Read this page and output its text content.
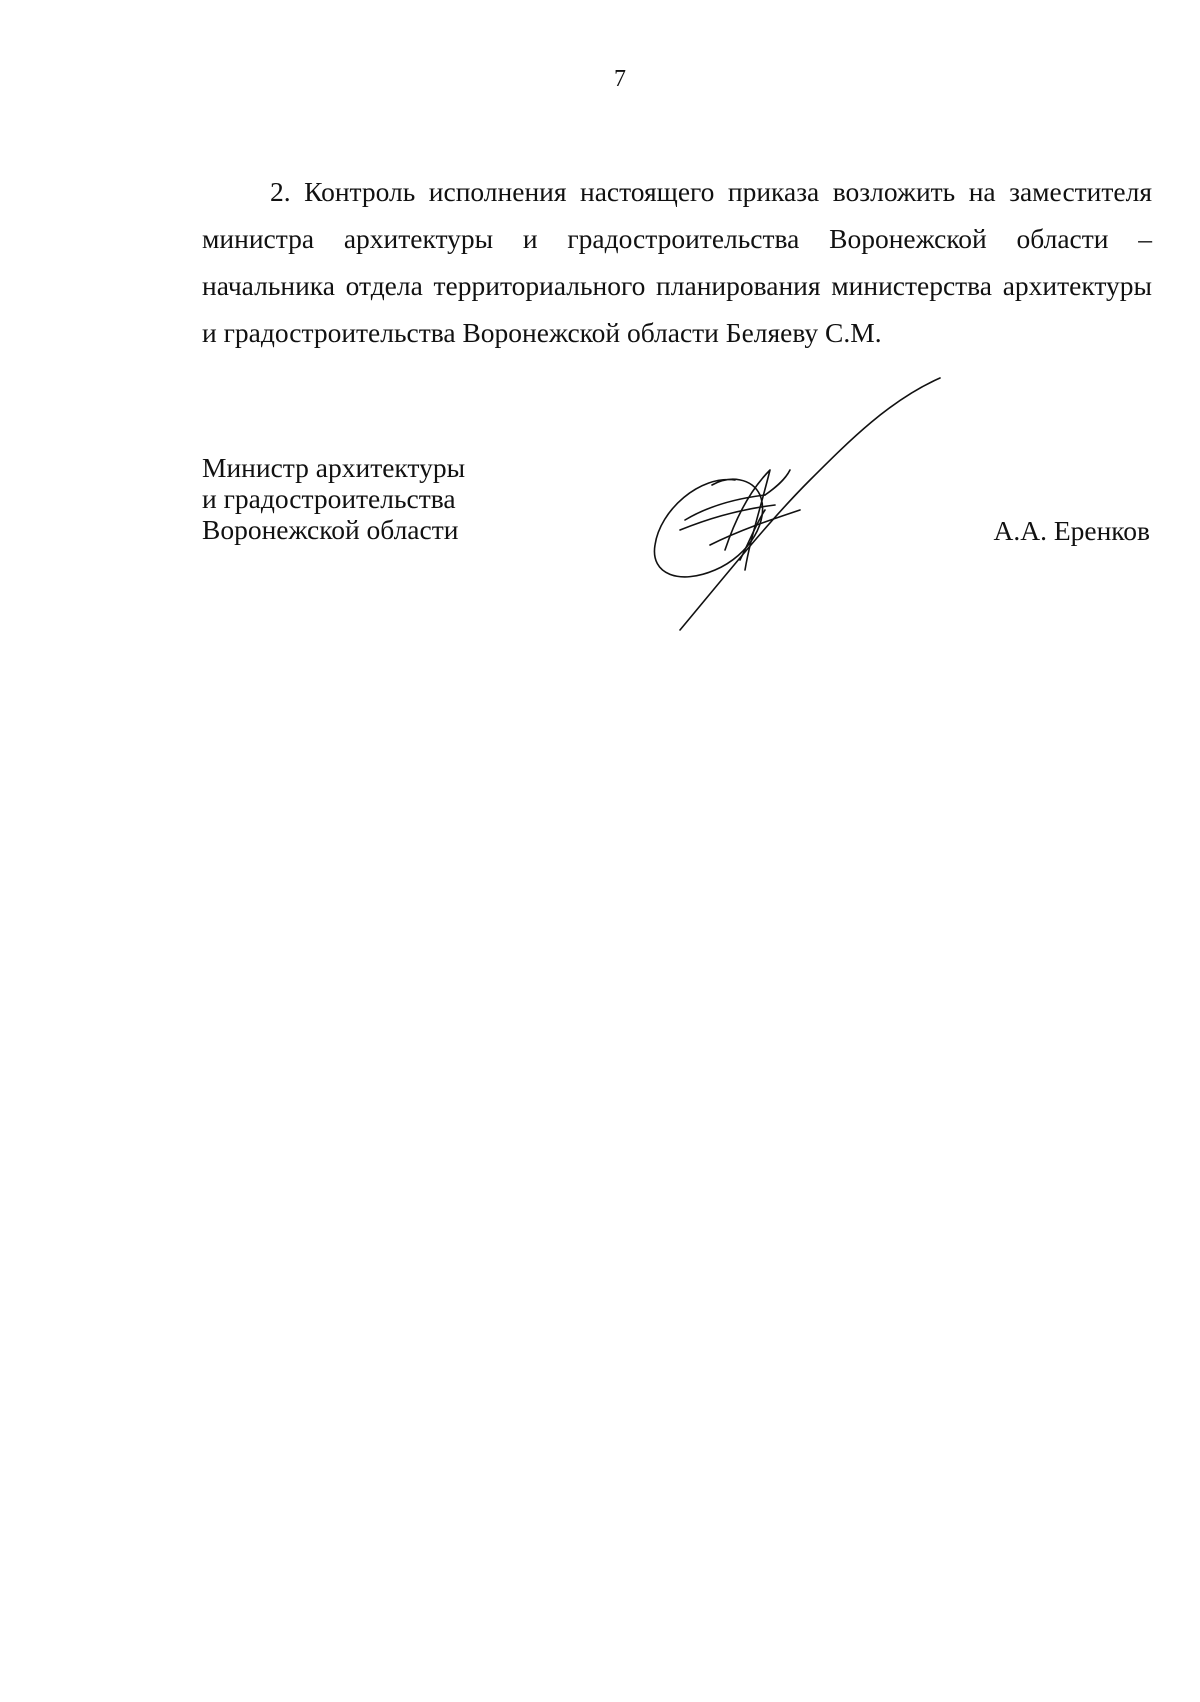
7

2. Контроль исполнения настоящего приказа возложить на заместителя министра архитектуры и градостроительства Воронежской области – начальника отдела территориального планирования министерства архитектуры и градостроительства Воронежской области Беляеву С.М.

Министр архитектуры
и градостроительства
Воронежской области	А.А. Еренков
